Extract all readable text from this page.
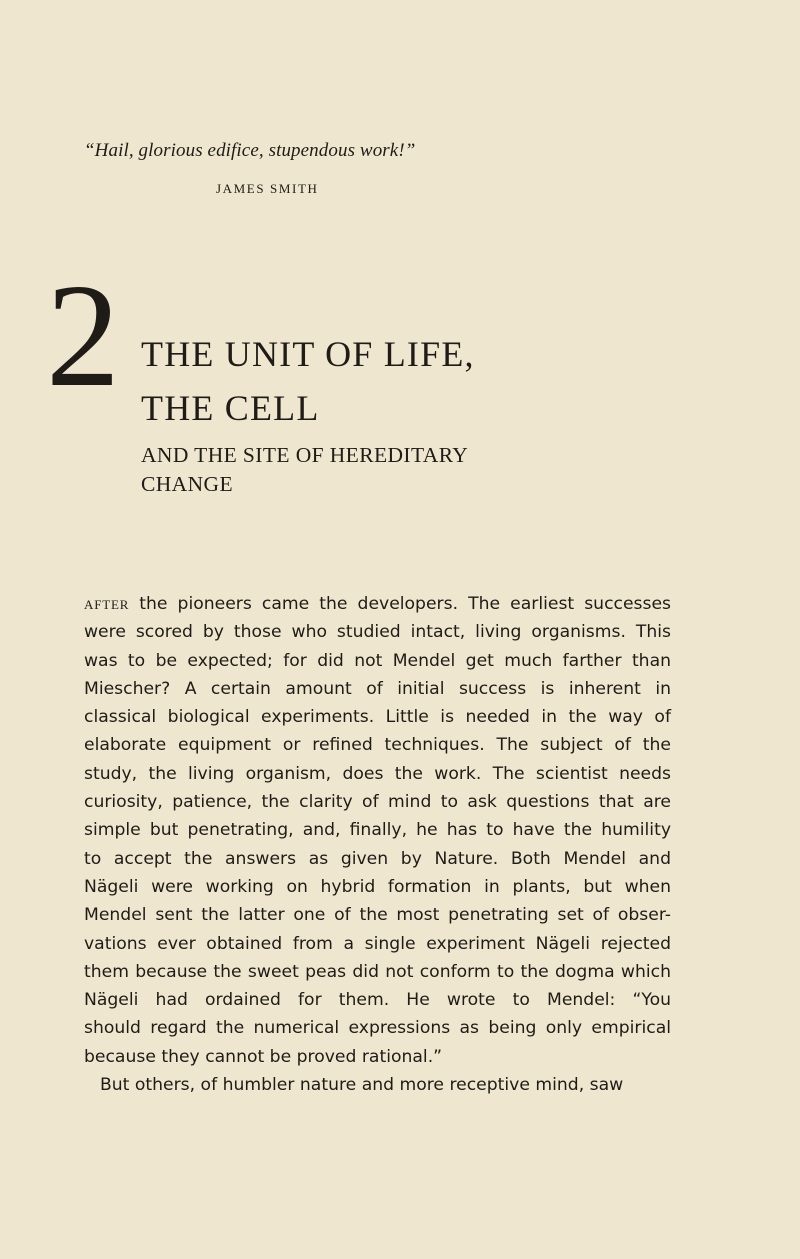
“Hail, glorious edifice, stupendous work!”
JAMES SMITH
2 THE UNIT OF LIFE,
THE CELL
AND THE SITE OF HEREDITARY
CHANGE
AFTER the pioneers came the developers. The earliest successes
were scored by those who studied intact, living organisms. This
was to be expected; for did not Mendel get much farther than
Miescher? A certain amount of initial success is inherent in
classical biological experiments. Little is needed in the way of
elaborate equipment or refined techniques. The subject of the
study, the living organism, does the work. The scientist needs
curiosity, patience, the clarity of mind to ask questions that are
simple but penetrating, and, finally, he has to have the humility
to accept the answers as given by Nature. Both Mendel and
Nägeli were working on hybrid formation in plants, but when
Mendel sent the latter one of the most penetrating set of obser-
vations ever obtained from a single experiment Nägeli rejected
them because the sweet peas did not conform to the dogma which
Nägeli had ordained for them. He wrote to Mendel: “You
should regard the numerical expressions as being only empirical
because they cannot be proved rational.”
But others, of humbler nature and more receptive mind, saw
